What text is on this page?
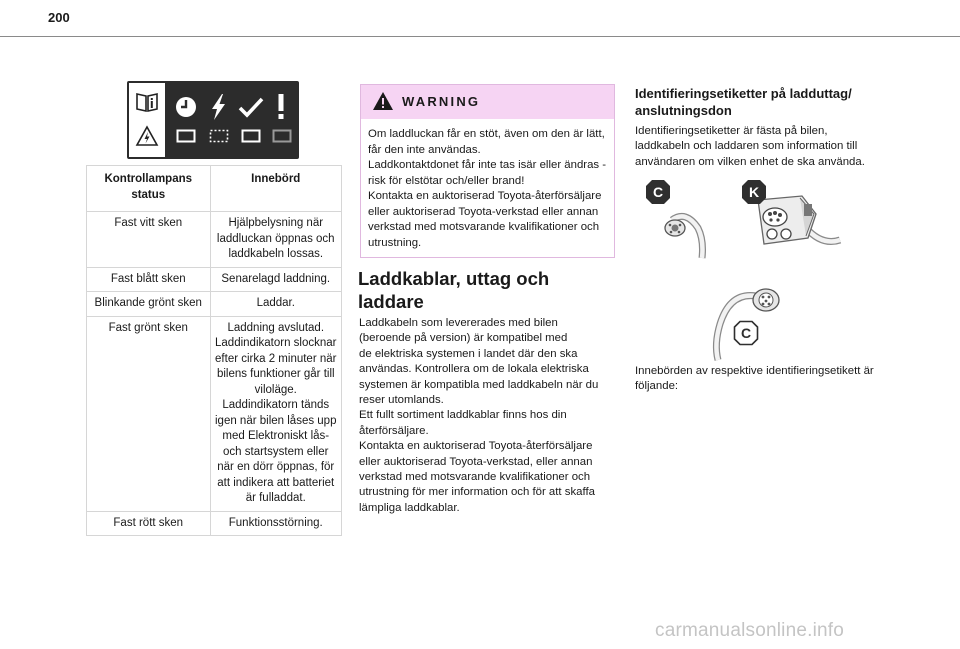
200
Kontrollampans status	Innebörd
Fast vitt sken	Hjälpbelysning när laddluckan öppnas och laddkabeln lossas.
Fast blått sken	Senarelagd laddning.
Blinkande grönt sken	Laddar.
Fast grönt sken	Laddning avslutad.
Laddindikatorn slocknar efter cirka 2 minuter när bilens funktioner går till viloläge.
Laddindikatorn tänds igen när bilen låses upp med Elektroniskt lås- och startsystem eller när en dörr öppnas, för att indikera att batteriet är fulladdat.
Fast rött sken	Funktionsstörning.
WARNING

Om laddluckan får en stöt, även om den är lätt, får den inte användas.
Laddkontaktdonet får inte tas isär eller ändras - risk för elstötar och/eller brand!
Kontakta en auktoriserad Toyota-återförsäljare eller auktoriserad Toyota-verkstad eller annan verkstad med motsvarande kvalifikationer och utrustning.

Laddkablar, uttag och
laddare
Laddkabeln som levererades med bilen
(beroende på version) är kompatibel med
de elektriska systemen i landet där den ska
användas. Kontrollera om de lokala elektriska
systemen är kompatibla med laddkabeln när du
reser utomlands.
Ett fullt sortiment laddkablar finns hos din
återförsäljare.
Kontakta en auktoriserad Toyota-återförsäljare
eller auktoriserad Toyota-verkstad, eller annan
verkstad med motsvarande kvalifikationer och
utrustning för mer information och för att skaffa
lämpliga laddkablar.
Identifieringsetiketter på ladduttag/
anslutningsdon
Identifieringsetiketter är fästa på bilen,
laddkabeln och laddaren som information till
användaren om vilken enhet de ska använda.
C	K
C
Innebörden av respektive identifieringsetikett är
följande:
carmanualsonline.info
